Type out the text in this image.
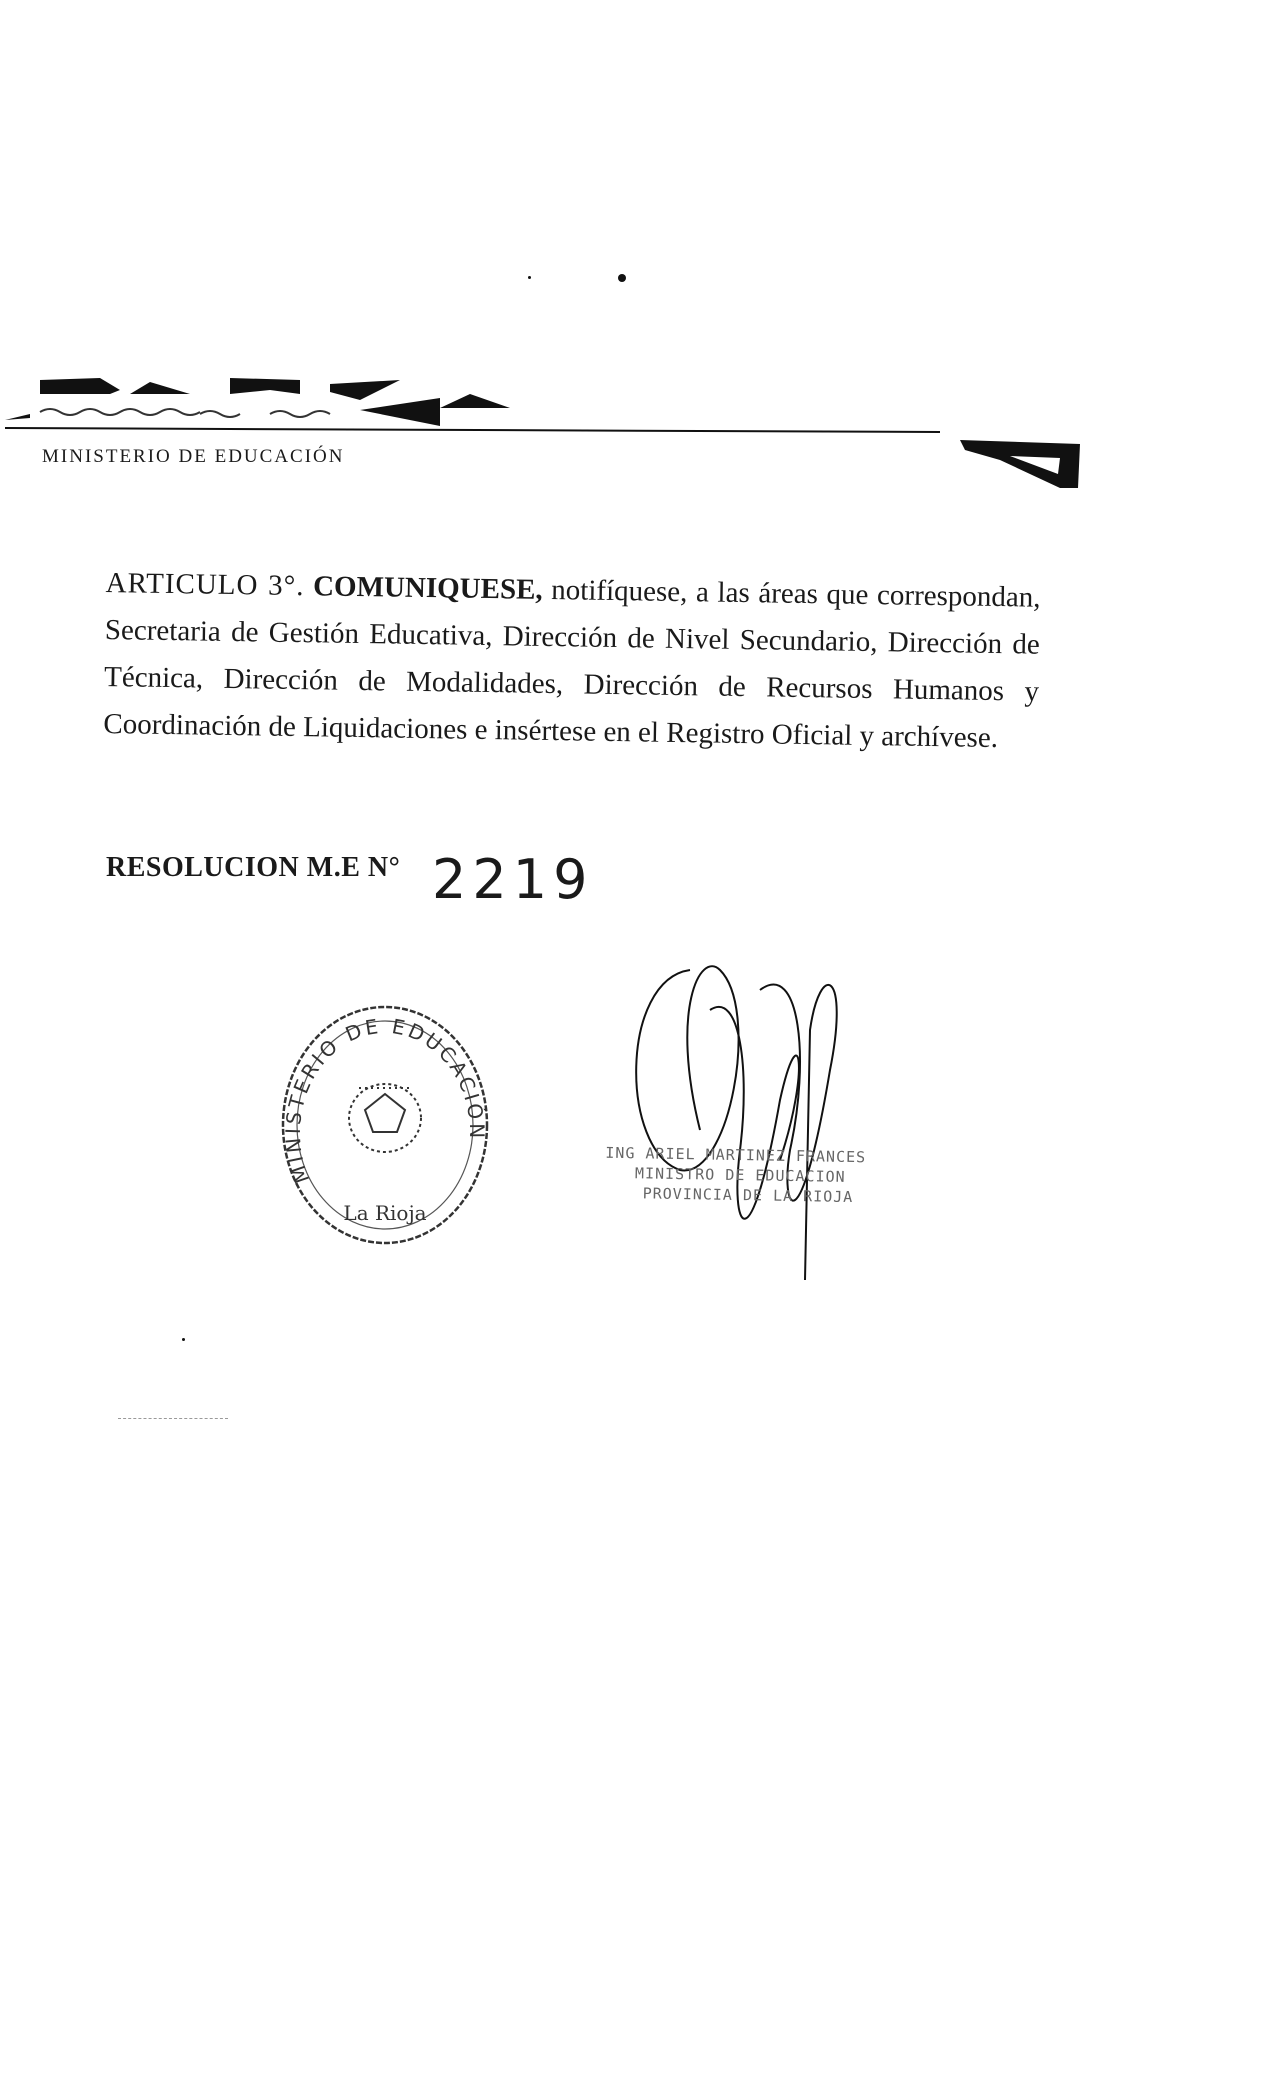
MINISTERIO DE EDUCACIÓN
ARTICULO 3°. COMUNIQUESE, notifíquese, a las áreas que correspondan, Secretaria de Gestión Educativa, Dirección de Nivel Secundario, Dirección de Técnica, Dirección de Modalidades, Dirección de Recursos Humanos y Coordinación de Liquidaciones e insértese en el Registro Oficial y archívese.
RESOLUCION M.E N° 2219
MINISTERIO DE EDUCACIÓN
La Rioja
ING ARIEL MARTINEZ FRANCES
MINISTRO DE EDUCACION
PROVINCIA DE LA RIOJA
